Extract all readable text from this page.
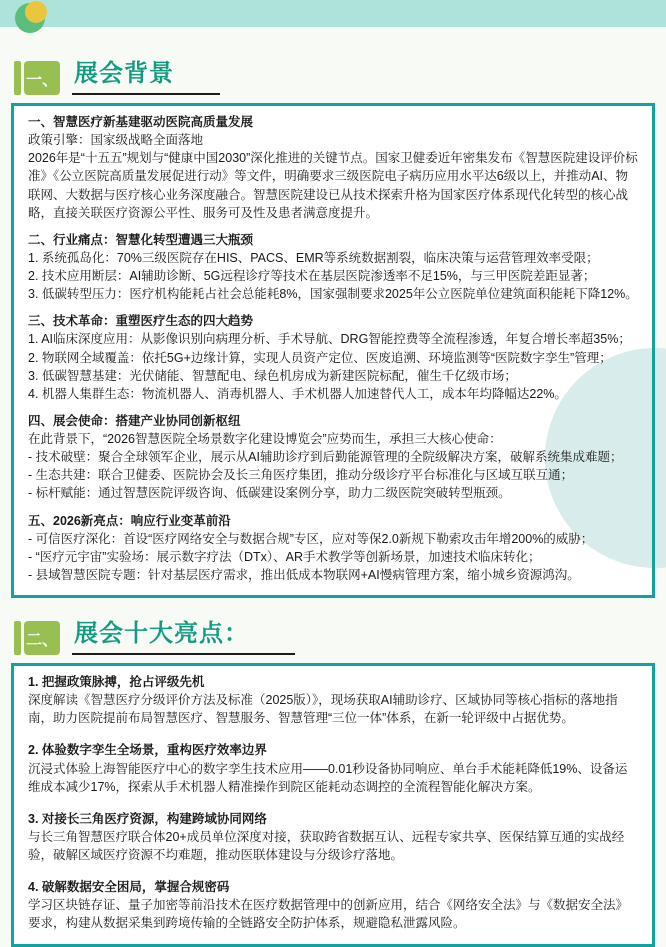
一、 展会背景
一、智慧医疗新基建驱动医院高质量发展
政策引擎：国家级战略全面落地
2026年是“十五五”规划与“健康中国2030”深化推进的关键节点。国家卫健委近年密集发布《智慧医院建设评价标准》《公立医院高质量发展促进行动》等文件，明确要求三级医院电子病历应用水平达6级以上，并推动AI、物联网、大数据与医疗核心业务深度融合。智慧医院建设已从技术探索升格为国家医疗体系现代化转型的核心战略，直接关联医疗资源公平性、服务可及性及患者满意度提升。
二、行业痛点：智慧化转型遭遇三大瓶颈
1. 系统孤岛化：70%三级医院存在HIS、PACS、EMR等系统数据割裂，临床决策与运营管理效率受限；
2. 技术应用断层：AI辅助诊断、5G远程诊疗等技术在基层医院渗透率不足15%，与三甲医院差距显著；
3. 低碳转型压力：医疗机构能耗占社会总能耗8%，国家强制要求2025年公立医院单位建筑面积能耗下降12%。
三、技术革命：重塑医疗生态的四大趋势
1. AI临床深度应用：从影像识别向病理分析、手术导航、DRG智能控费等全流程渗透，年复合增长率超35%；
2. 物联网全域覆盖：依托5G+边缘计算，实现人员资产定位、医废追溯、环境监测等“医院数字孪生”管理；
3. 低碳智慧基建：光伏储能、智慧配电、绿色机房成为新建医院标配，催生千亿级市场；
4. 机器人集群生态：物流机器人、消毒机器人、手术机器人加速替代人工，成本年均降幅达22%。
四、展会使命：搭建产业协同创新枢纽
在此背景下，“2026智慧医院全场景数字化建设博览会”应势而生，承担三大核心使命：
- 技术破壁：聚合全球领军企业，展示从AI辅助诊疗到后勤能源管理的全院级解决方案，破解系统集成难题；
- 生态共建：联合卫健委、医院协会及长三角医疗集团，推动分级诊疗平台标准化与区域互联互通；
- 标杆赋能：通过智慧医院评级咨询、低碳建设案例分享，助力二级医院突破转型瓶颈。
五、2026新亮点：响应行业变革前沿
- 可信医疗深化：首设“医疗网络安全与数据合规”专区，应对等保2.0新规下勒索攻击年增200%的威胁；
- “医疗元宇宙”实验场：展示数字疗法（DTx）、AR手术教学等创新场景，加速技术临床转化；
- 县域智慧医院专题：针对基层医疗需求，推出低成本物联网+AI慢病管理方案，缩小城乡资源鸿沟。
二、 展会十大亮点：
1. 把握政策脉搏，抢占评级先机
深度解读《智慧医疗分级评价方法及标准（2025版）》，现场获取AI辅助诊疗、区域协同等核心指标的落地指南，助力医院提前布局智慧医疗、智慧服务、智慧管理“三位一体”体系，在新一轮评级中占据优势。
2. 体验数字孪生全场景，重构医疗效率边界
沉浸式体验上海智能医疗中心的数字孪生技术应用——0.01秒设备协同响应、单台手术能耗降低19%、设备运维成本减少17%，探索从手术机器人精准操作到院区能耗动态调控的全流程智能化解决方案。
3. 对接长三角医疗资源，构建跨域协同网络
与长三角智慧医疗联合体20+成员单位深度对接，获取跨省数据互认、远程专家共享、医保结算互通的实战经验，破解区域医疗资源不均难题，推动医联体建设与分级诊疗落地。
4. 破解数据安全困局，掌握合规密码
学习区块链存证、量子加密等前沿技术在医疗数据管理中的创新应用，结合《网络安全法》与《数据安全法》要求，构建从数据采集到跨境传输的全链路安全防护体系，规避隐私泄露风险。
